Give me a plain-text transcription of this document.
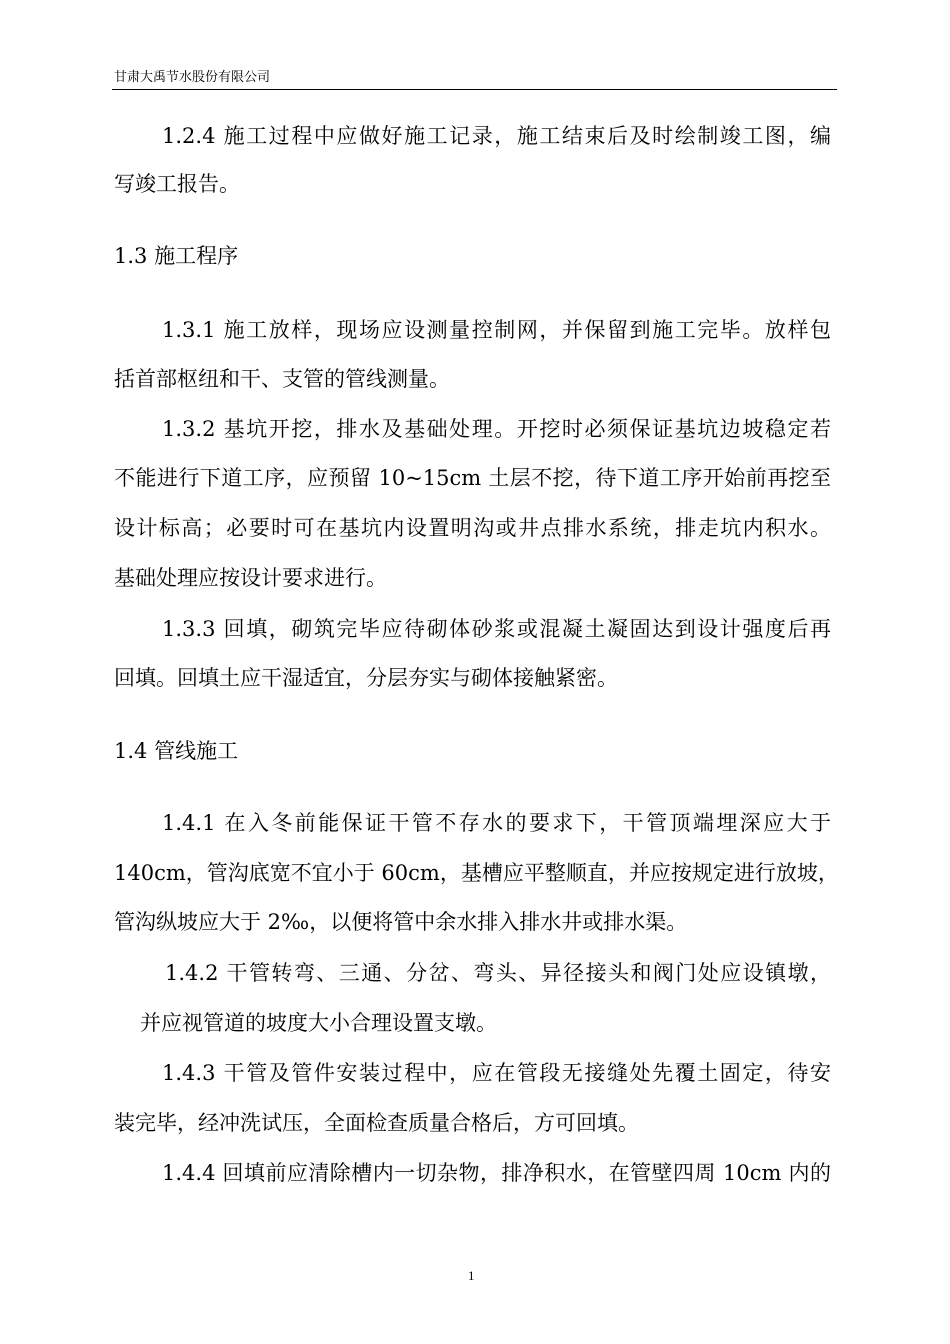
甘肃大禹节水股份有限公司
1.2.4 施工过程中应做好施工记录，施工结束后及时绘制竣工图，编
写竣工报告。
1.3 施工程序
1.3.1 施工放样，现场应设测量控制网，并保留到施工完毕。放样包
括首部枢纽和干、支管的管线测量。
1.3.2 基坑开挖，排水及基础处理。开挖时必须保证基坑边坡稳定若
不能进行下道工序，应预留 10~15cm 土层不挖，待下道工序开始前再挖至
设计标高；必要时可在基坑内设置明沟或井点排水系统，排走坑内积水。
基础处理应按设计要求进行。
1.3.3 回填，砌筑完毕应待砌体砂浆或混凝土凝固达到设计强度后再
回填。回填土应干湿适宜，分层夯实与砌体接触紧密。
1.4 管线施工
1.4.1 在入冬前能保证干管不存水的要求下，干管顶端埋深应大于
140cm，管沟底宽不宜小于 60cm，基槽应平整顺直，并应按规定进行放坡，
管沟纵坡应大于 2‰，以便将管中余水排入排水井或排水渠。
1.4.2 干管转弯、三通、分岔、弯头、异径接头和阀门处应设镇墩，
并应视管道的坡度大小合理设置支墩。
1.4.3 干管及管件安装过程中，应在管段无接缝处先覆土固定，待安
装完毕，经冲洗试压，全面检查质量合格后，方可回填。
1.4.4 回填前应清除槽内一切杂物，排净积水，在管壁四周 10cm 内的
1
